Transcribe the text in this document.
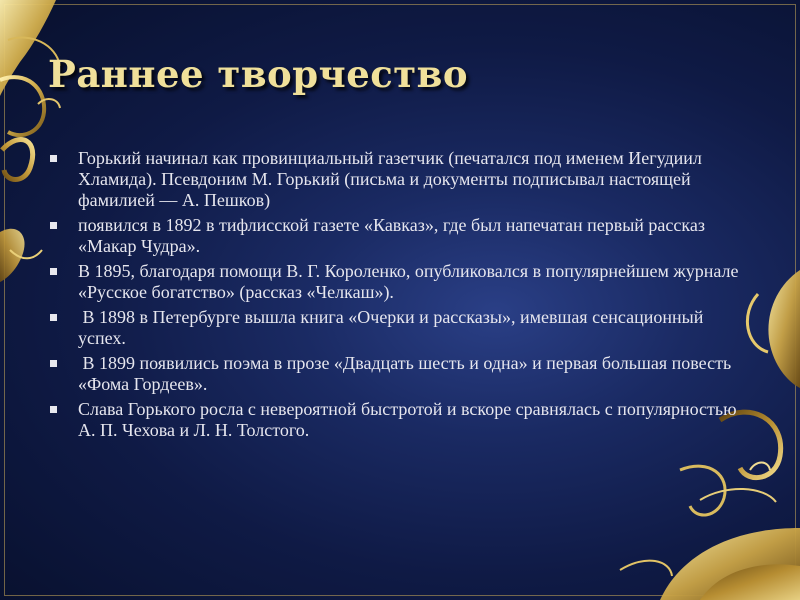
Раннее творчество
Горький начинал как провинциальный газетчик (печатался под именем Иегудиил Хламида). Псевдоним М. Горький (письма и документы подписывал настоящей фамилией — А. Пешков)
появился в 1892 в тифлисской газете «Кавказ», где был напечатан первый рассказ «Макар Чудра».
В 1895, благодаря помощи В. Г. Короленко, опубликовался в популярнейшем журнале «Русское богатство» (рассказ «Челкаш»).
В 1898 в Петербурге вышла книга «Очерки и рассказы», имевшая сенсационный успех.
В 1899 появились поэма в прозе «Двадцать шесть и одна» и первая большая повесть «Фома Гордеев».
Слава Горького росла с невероятной быстротой и вскоре сравнялась с популярностью А. П. Чехова и Л. Н. Толстого.
